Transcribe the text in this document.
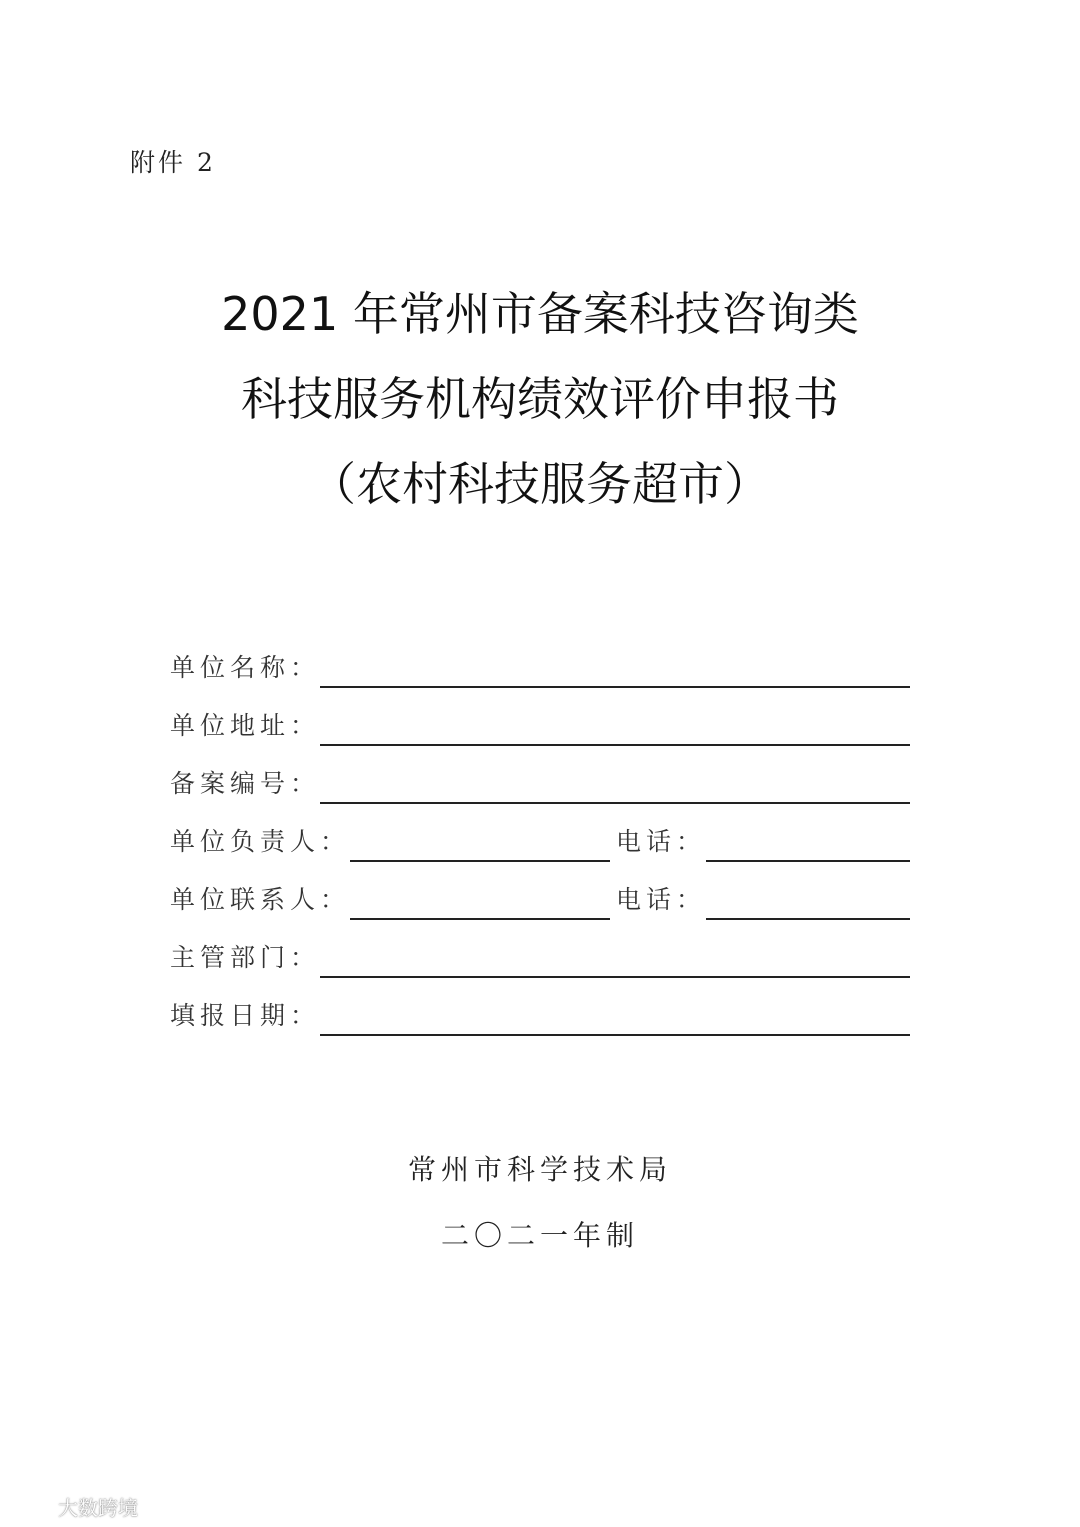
附件 2
2021 年常州市备案科技咨询类
科技服务机构绩效评价申报书
（农村科技服务超市）
单位名称：
单位地址：
备案编号：
单位负责人：	电话：
单位联系人：	电话：
主管部门：
填报日期：
常州市科学技术局
二〇二一年制
大数跨境
